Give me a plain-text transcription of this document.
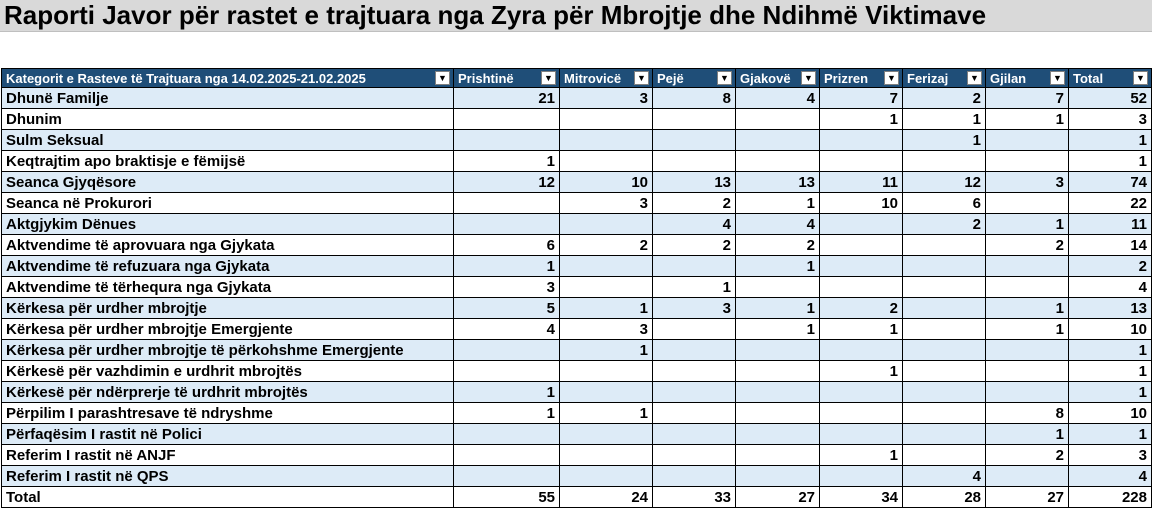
Raporti Javor për rastet e trajtuara nga Zyra për Mbrojtje dhe Ndihmë Viktimave
Kategorit e Rasteve të Trajtuara nga 14.02.2025-21.02.2025 ▼	Prishtinë ▼	Mitrovicë ▼	Pejë ▼	Gjakovë ▼	Prizren ▼	Ferizaj ▼	Gjilan ▼	Total ▼

Dhunë Familje	21	3	8	4	7	2	7	52
Dhunim					1	1	1	3
Sulm Seksual						1		1
Keqtrajtim apo braktisje e fëmijsë	1							1
Seanca Gjyqësore	12	10	13	13	11	12	3	74
Seanca në Prokurori		3	2	1	10	6		22
Aktgjykim Dënues			4	4		2	1	11
Aktvendime të aprovuara nga Gjykata	6	2	2	2			2	14
Aktvendime të refuzuara nga Gjykata	1			1				2
Aktvendime të tërhequra nga Gjykata	3		1					4
Kërkesa për urdher mbrojtje	5	1	3	1	2		1	13
Kërkesa për urdher mbrojtje Emergjente	4	3		1	1		1	10
Kërkesa për urdher mbrojtje të përkohshme Emergjente		1						1
Kërkesë për vazhdimin e urdhrit mbrojtës					1			1
Kërkesë për ndërprerje të urdhrit mbrojtës	1							1
Përpilim I parashtresave të ndryshme	1	1					8	10
Përfaqësim I rastit në Polici							1	1
Referim I rastit në ANJF					1		2	3
Referim I rastit në QPS						4		4
Total	55	24	33	27	34	28	27	228
